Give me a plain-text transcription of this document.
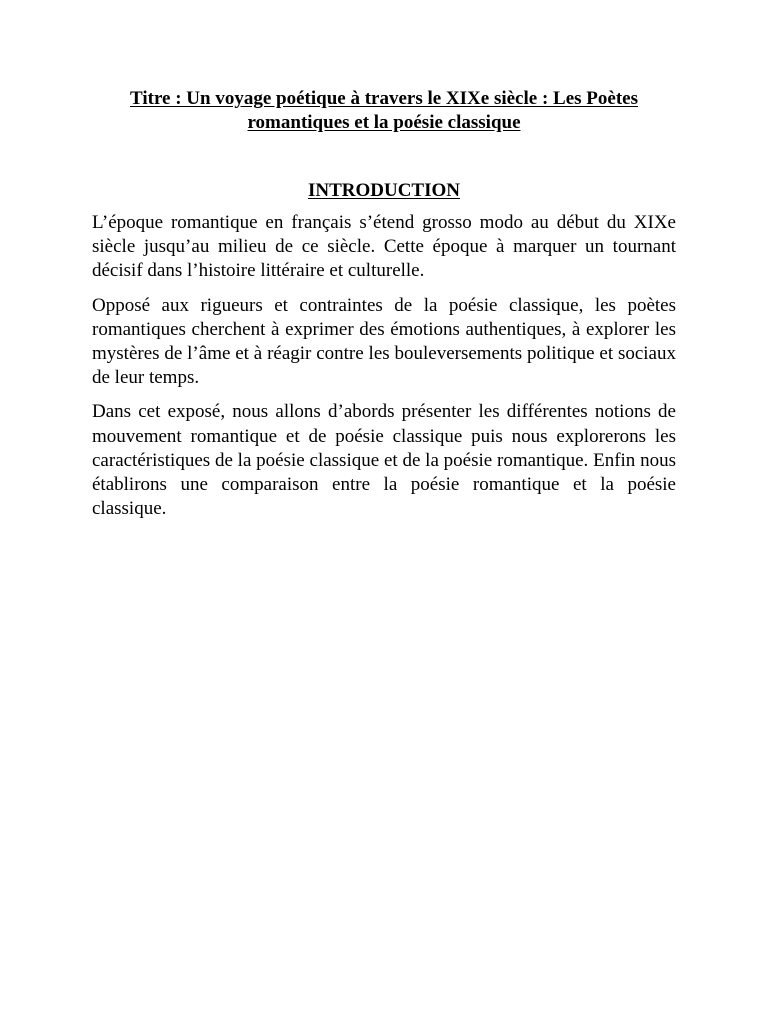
Titre : Un voyage poétique à travers le XIXe siècle : Les Poètes romantiques et la poésie classique
INTRODUCTION

L’époque romantique en français s’étend grosso modo au début du XIXe siècle jusqu’au milieu de ce siècle. Cette époque à marquer un tournant décisif dans l’histoire littéraire et culturelle.

Opposé aux rigueurs et contraintes de la poésie classique, les poètes romantiques cherchent à exprimer des émotions authentiques, à explorer les mystères de l’âme et à réagir contre les bouleversements politique et sociaux de leur temps.

Dans cet exposé, nous allons d’abords présenter les différentes notions de mouvement romantique et de poésie classique puis nous explorerons les caractéristiques de la poésie classique et de la poésie romantique. Enfin nous établirons une comparaison entre la poésie romantique et la poésie classique.
